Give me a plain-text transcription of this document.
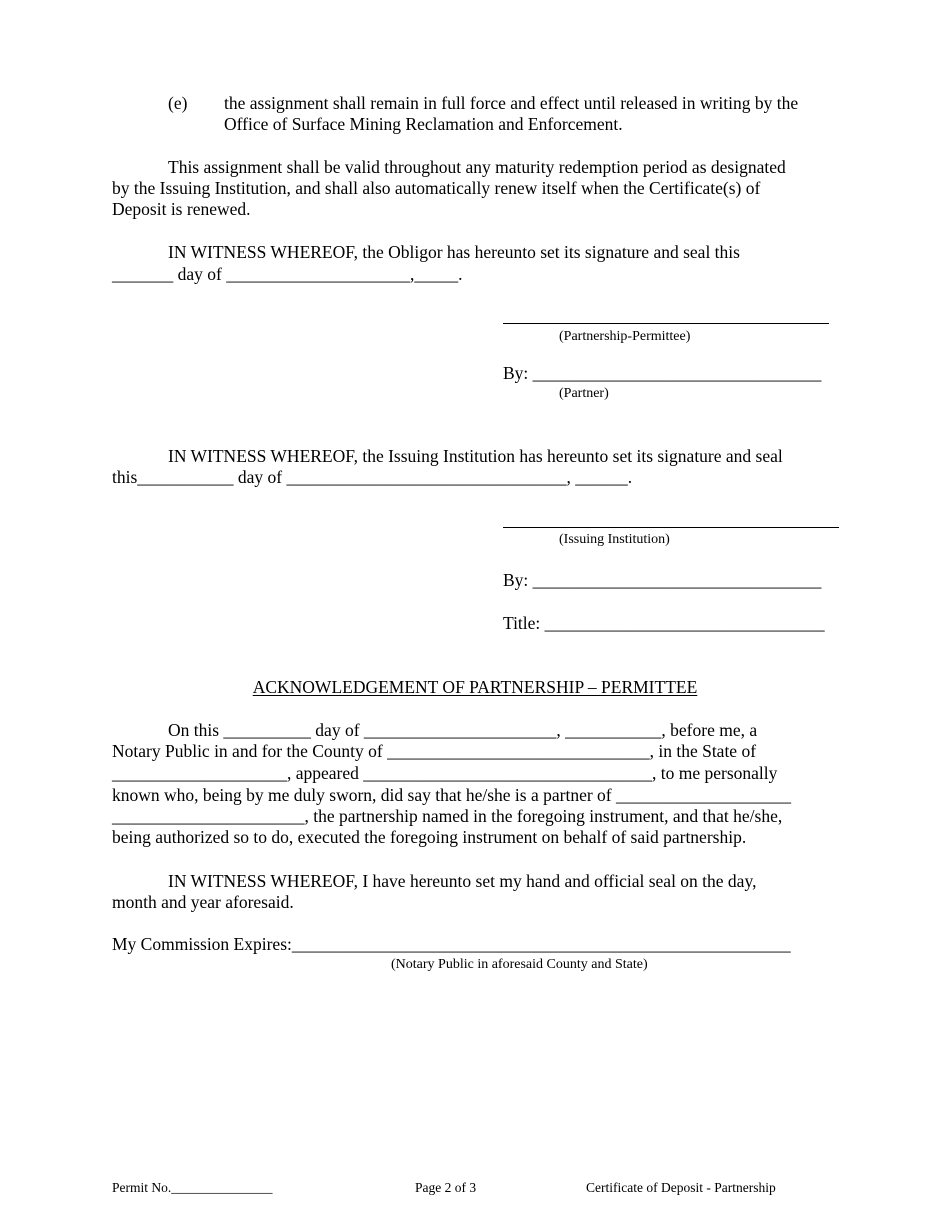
(e) the assignment shall remain in full force and effect until released in writing by the
Office of Surface Mining Reclamation and Enforcement.
This assignment shall be valid throughout any maturity redemption period as designated
by the Issuing Institution, and shall also automatically renew itself when the Certificate(s) of
Deposit is renewed.
IN WITNESS WHEREOF, the Obligor has hereunto set its signature and seal this
_______ day of _____________________,_____.
(Partnership-Permittee)
By: _________________________________
(Partner)
IN WITNESS WHEREOF, the Issuing Institution has hereunto set its signature and seal
this___________ day of ________________________________, ______.
(Issuing Institution)
By: _________________________________
Title: ________________________________
ACKNOWLEDGEMENT OF PARTNERSHIP – PERMITTEE
On this __________ day of ______________________, ___________, before me, a
Notary Public in and for the County of ______________________________, in the State of
____________________, appeared _________________________________, to me personally
known who, being by me duly sworn, did say that he/she is a partner of ____________________
______________________, the partnership named in the foregoing instrument, and that he/she,
being authorized so to do, executed the foregoing instrument on behalf of said partnership.
IN WITNESS WHEREOF, I have hereunto set my hand and official seal on the day,
month and year aforesaid.
My Commission Expires:_________________________________________________________
(Notary Public in aforesaid County and State)
Permit No._______________	Page 2 of 3	Certificate of Deposit - Partnership
